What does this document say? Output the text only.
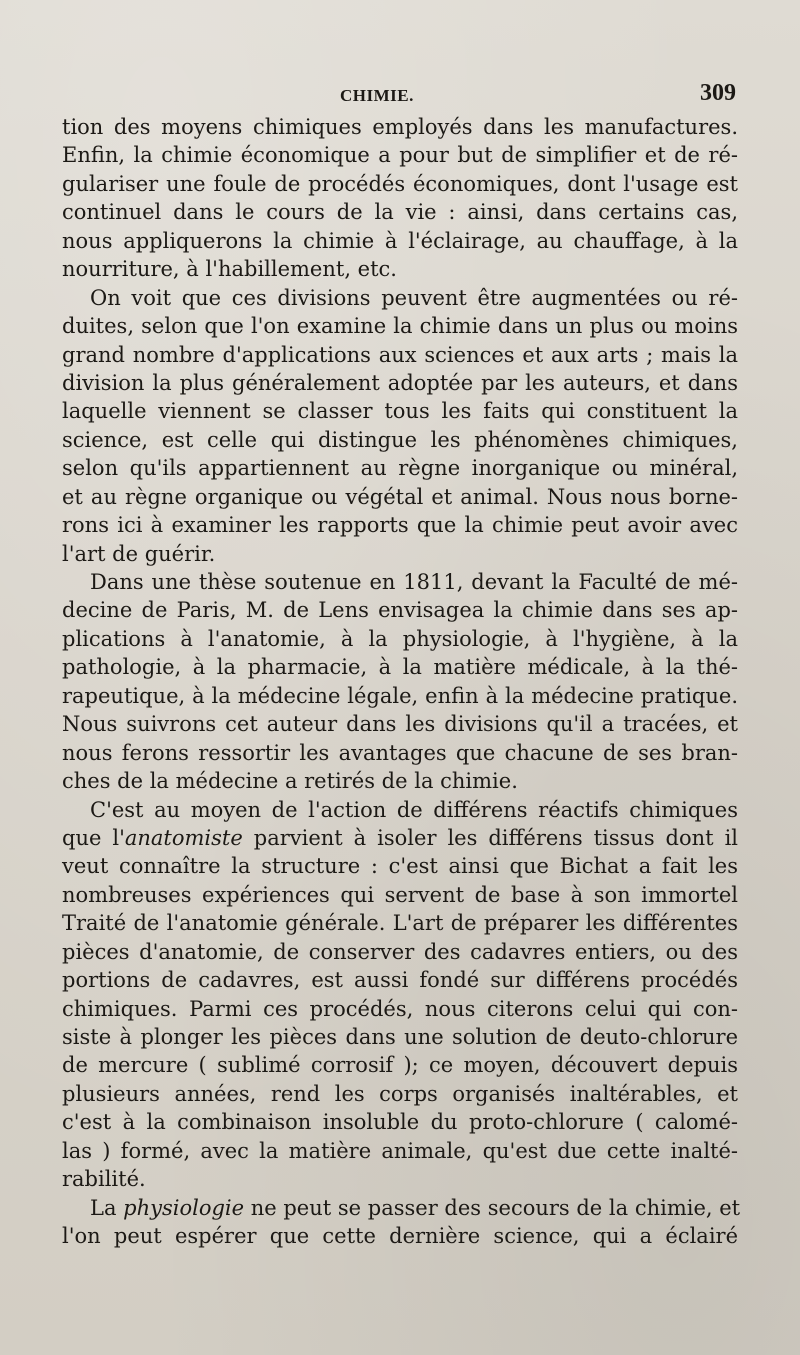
CHIMIE.	309
tion des moyens chimiques employés dans les manufactures.
Enfin, la chimie économique a pour but de simplifier et de ré-
gulariser une foule de procédés économiques, dont l'usage est
continuel dans le cours de la vie : ainsi, dans certains cas,
nous appliquerons la chimie à l'éclairage, au chauffage, à la
nourriture, à l'habillement, etc.
On voit que ces divisions peuvent être augmentées ou ré-
duites, selon que l'on examine la chimie dans un plus ou moins
grand nombre d'applications aux sciences et aux arts ; mais la
division la plus généralement adoptée par les auteurs, et dans
laquelle viennent se classer tous les faits qui constituent la
science, est celle qui distingue les phénomènes chimiques,
selon qu'ils appartiennent au règne inorganique ou minéral,
et au règne organique ou végétal et animal. Nous nous borne-
rons ici à examiner les rapports que la chimie peut avoir avec
l'art de guérir.
Dans une thèse soutenue en 1811, devant la Faculté de mé-
decine de Paris, M. de Lens envisagea la chimie dans ses ap-
plications à l'anatomie, à la physiologie, à l'hygiène, à la
pathologie, à la pharmacie, à la matière médicale, à la thé-
rapeutique, à la médecine légale, enfin à la médecine pratique.
Nous suivrons cet auteur dans les divisions qu'il a tracées, et
nous ferons ressortir les avantages que chacune de ses bran-
ches de la médecine a retirés de la chimie.
C'est au moyen de l'action de différens réactifs chimiques
que l'anatomiste parvient à isoler les différens tissus dont il
veut connaître la structure : c'est ainsi que Bichat a fait les
nombreuses expériences qui servent de base à son immortel
Traité de l'anatomie générale. L'art de préparer les différentes
pièces d'anatomie, de conserver des cadavres entiers, ou des
portions de cadavres, est aussi fondé sur différens procédés
chimiques. Parmi ces procédés, nous citerons celui qui con-
siste à plonger les pièces dans une solution de deuto-chlorure
de mercure ( sublimé corrosif ); ce moyen, découvert depuis
plusieurs années, rend les corps organisés inaltérables, et
c'est à la combinaison insoluble du proto-chlorure ( calomé-
las ) formé, avec la matière animale, qu'est due cette inalté-
rabilité.
La physiologie ne peut se passer des secours de la chimie, et
l'on peut espérer que cette dernière science, qui a éclairé
